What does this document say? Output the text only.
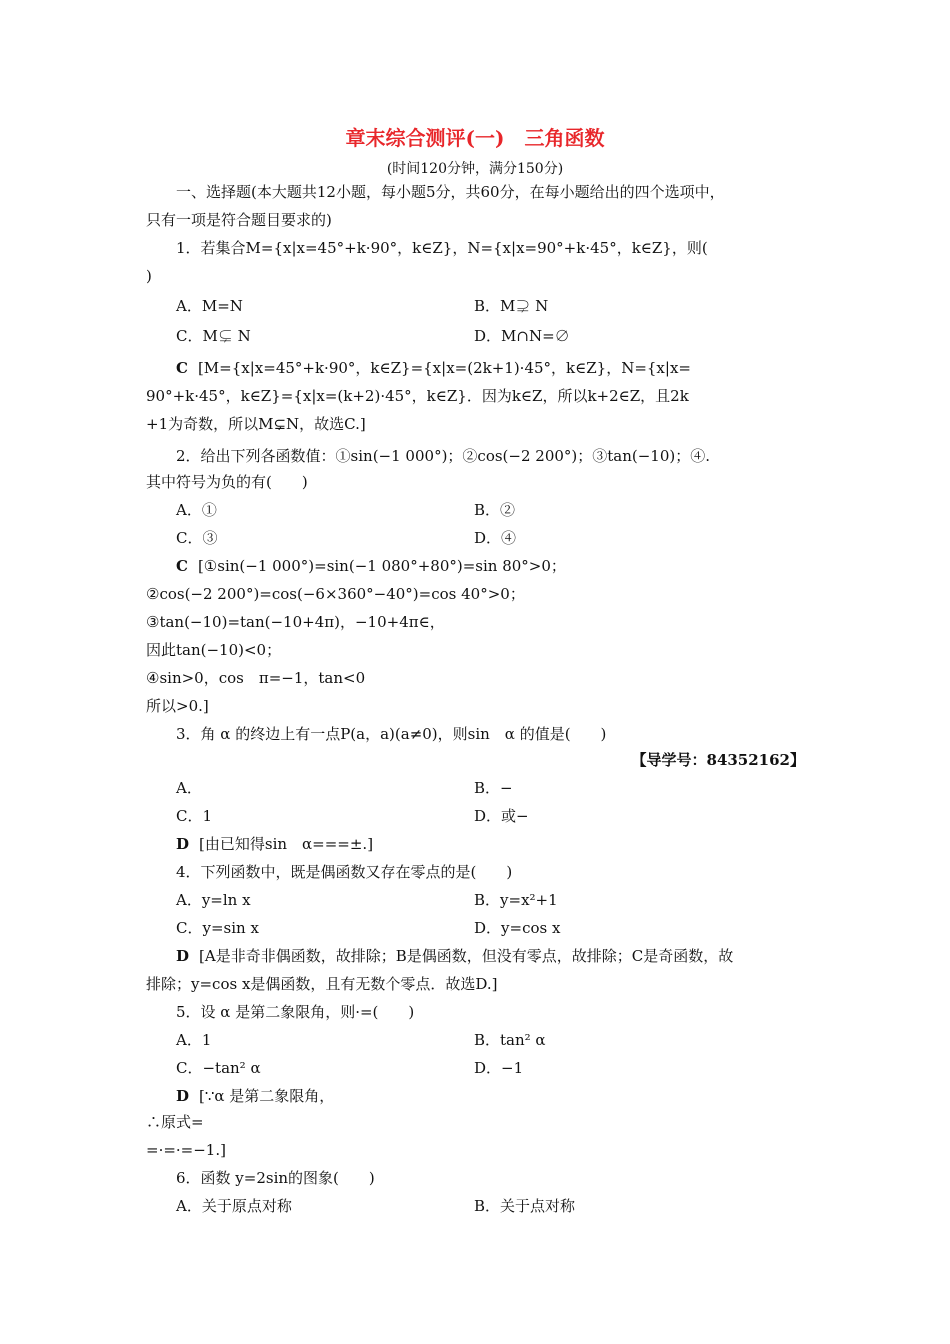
章末综合测评(一)　三角函数
(时间120分钟，满分150分)
一、选择题(本大题共12小题，每小题5分，共60分，在每小题给出的四个选项中，
只有一项是符合题目要求的)
1．若集合M={x|x=45°+k·90°，k∈Z}，N={x|x=90°+k·45°，k∈Z}，则(
)
A．M=N	B．M⊋ N
C．M⊊ N	D．M∩N=∅
C [M={x|x=45°+k·90°，k∈Z}={x|x=(2k+1)·45°，k∈Z}，N={x|x=
90°+k·45°，k∈Z}={x|x=(k+2)·45°，k∈Z}．因为k∈Z，所以k+2∈Z，且2k
+1为奇数，所以M⊊N，故选C.]
2．给出下列各函数值：①sin(−1 000°)；②cos(−2 200°)；③tan(−10)；④.
其中符号为负的有(　　)
A．①	B．②
C．③	D．④
C [①sin(−1 000°)=sin(−1 080°+80°)=sin 80°>0；
②cos(−2 200°)=cos(−6×360°−40°)=cos 40°>0；
③tan(−10)=tan(−10+4π)，−10+4π∈，
因此tan(−10)<0；
④sin>0，cos　π=−1，tan<0
所以>0.]
3．角 α 的终边上有一点P(a，a)(a≠0)，则sin　α 的值是(　　)
【导学号：84352162】
A．	B．−
C．1	D．或−
D [由已知得sin　α===±.]
4．下列函数中，既是偶函数又存在零点的是(　　)
A．y=ln x	B．y=x²+1
C．y=sin x	D．y=cos x
D [A是非奇非偶函数，故排除；B是偶函数，但没有零点，故排除；C是奇函数，故
排除；y=cos x是偶函数，且有无数个零点．故选D.]
5．设 α 是第二象限角，则·=(　　)
A．1	B．tan² α
C．−tan² α	D．−1
D [∵α 是第二象限角，
∴原式=
=·=·=−1.]
6．函数 y=2sin的图象(　　)
A．关于原点对称	B．关于点对称
